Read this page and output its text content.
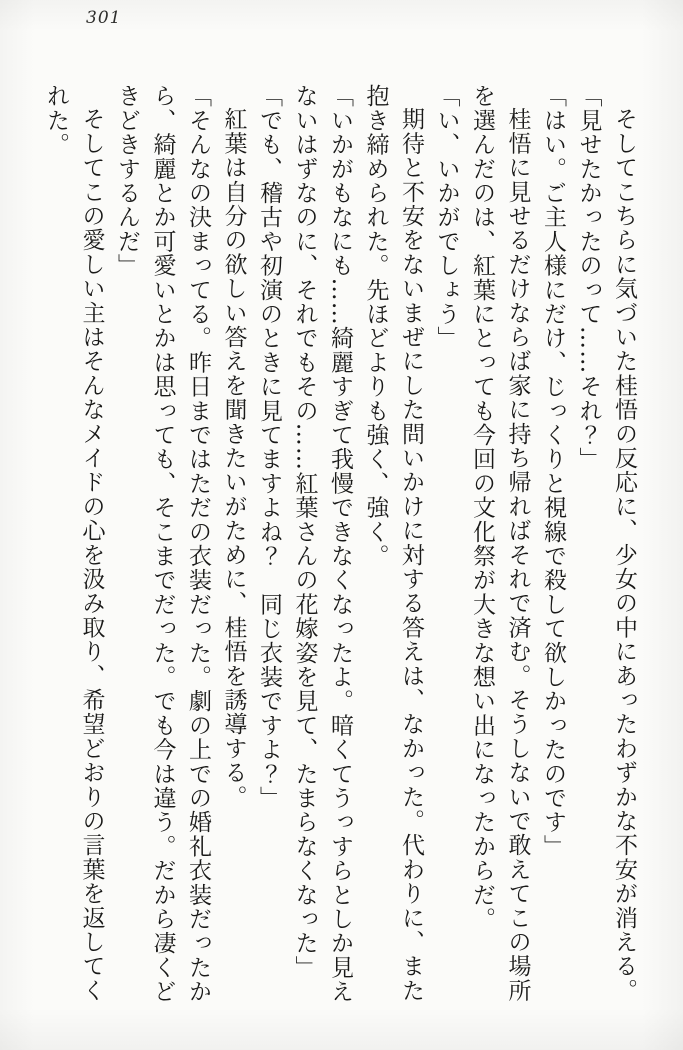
301

そしてこちらに気づいた桂悟の反応に、少女の中にあったわずかな不安が消える。

「見せたかったのって……それ？」

「はい。ご主人様にだけ、じっくりと視線で殺して欲しかったのです」

桂悟に見せるだけならば家に持ち帰ればそれで済む。そうしないで敢えてこの場所を選んだのは、紅葉にとっても今回の文化祭が大きな想い出になったからだ。

「い、いかがでしょう」

期待と不安をないまぜにした問いかけに対する答えは、なかった。代わりに、また抱き締められた。先ほどよりも強く、強く。

「いかがもなにも……綺麗すぎて我慢できなくなったよ。暗くてうっすらとしか見えないはずなのに、それでもその……紅葉さんの花嫁姿を見て、たまらなくなった」

「でも、稽古や初演のときに見てますよね？　同じ衣装ですよ？」

紅葉は自分の欲しい答えを聞きたいがために、桂悟を誘導する。

「そんなの決まってる。昨日まではただの衣装だった。劇の上での婚礼衣装だったから、綺麗とか可愛いとかは思っても、そこまでだった。でも今は違う。だから凄くどきどきするんだ」

そしてこの愛しい主はそんなメイドの心を汲み取り、希望どおりの言葉を返してくれた。
